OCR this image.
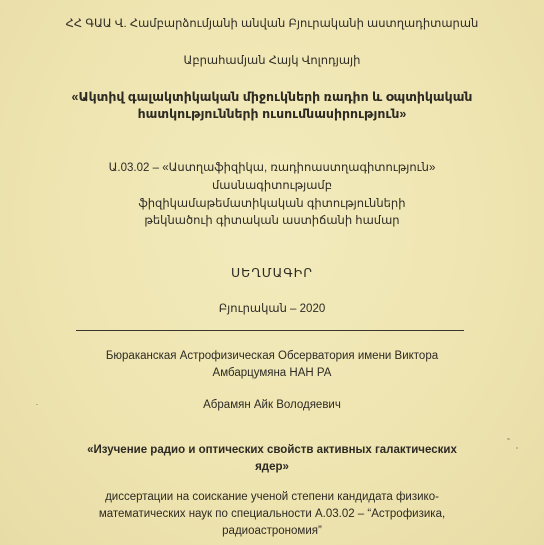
ՀՀ ԳԱԱ Վ. Համբարձումյանի անվան Բյուրականի աստղադիտարան
Աբրահամյան Հայկ Վոլոդյայի
«Ակտիվ գալակտիկական միջուկների ռադիո և օպտիկական
հատկությունների ուսումնասիրություն»
Ա.03.02 – «Աստղաֆիզիկա, ռադիոաստղագիտություն»
մասնագիտությամբ
ֆիզիկամաթեմատիկական գիտությունների
թեկնածուի գիտական աստիճանի համար
ՍԵՂՄԱԳԻՐ
Բյուրական – 2020
Бюраканская Астрофизическая Обсерватория имени Виктора
Амбарцумяна НАН РА
Абрамян Айк Володяевич
«Изучение радио и оптических свойств активных галактических
ядер»
диссертации на соискание ученой степени кандидата физико-
математических наук по специальности А.03.02 – “Астрофизика,
радиоастрономия”
